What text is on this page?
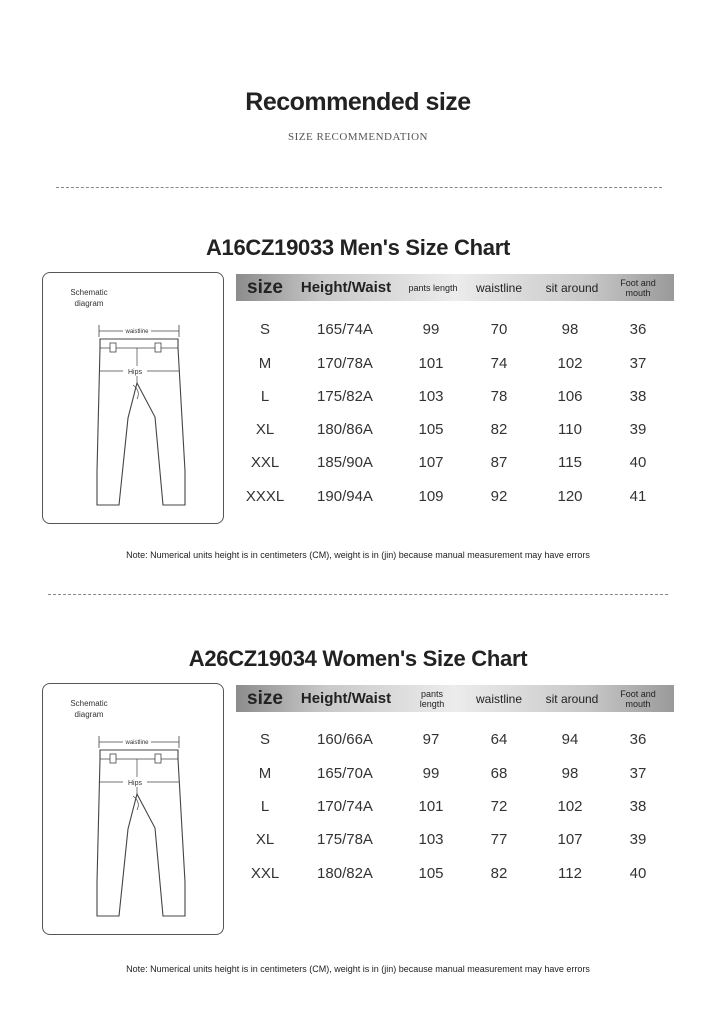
Recommended size
SIZE RECOMMENDATION
A16CZ19033 Men's Size Chart
Schematic diagram
waistline
Hips
size	Height/Waist	pants length	waistline	sit around	Foot and mouth
S	165/74A	99	70	98	36
M	170/78A	101	74	102	37
L	175/82A	103	78	106	38
XL	180/86A	105	82	110	39
XXL	185/90A	107	87	115	40
XXXL 190/94A	109	92	120	41
Note: Numerical units height is in centimeters (CM), weight is in (jin) because manual measurement may have errors
A26CZ19034 Women's Size Chart
Schematic diagram
waistline
Hips
size	Height/Waist	pants length	waistline	sit around	Foot and mouth
S	160/66A	97	64	94	36
M	165/70A	99	68	98	37
L	170/74A	101	72	102	38
XL	175/78A	103	77	107	39
XXL	180/82A	105	82	112	40
Note: Numerical units height is in centimeters (CM), weight is in (jin) because manual measurement may have errors
